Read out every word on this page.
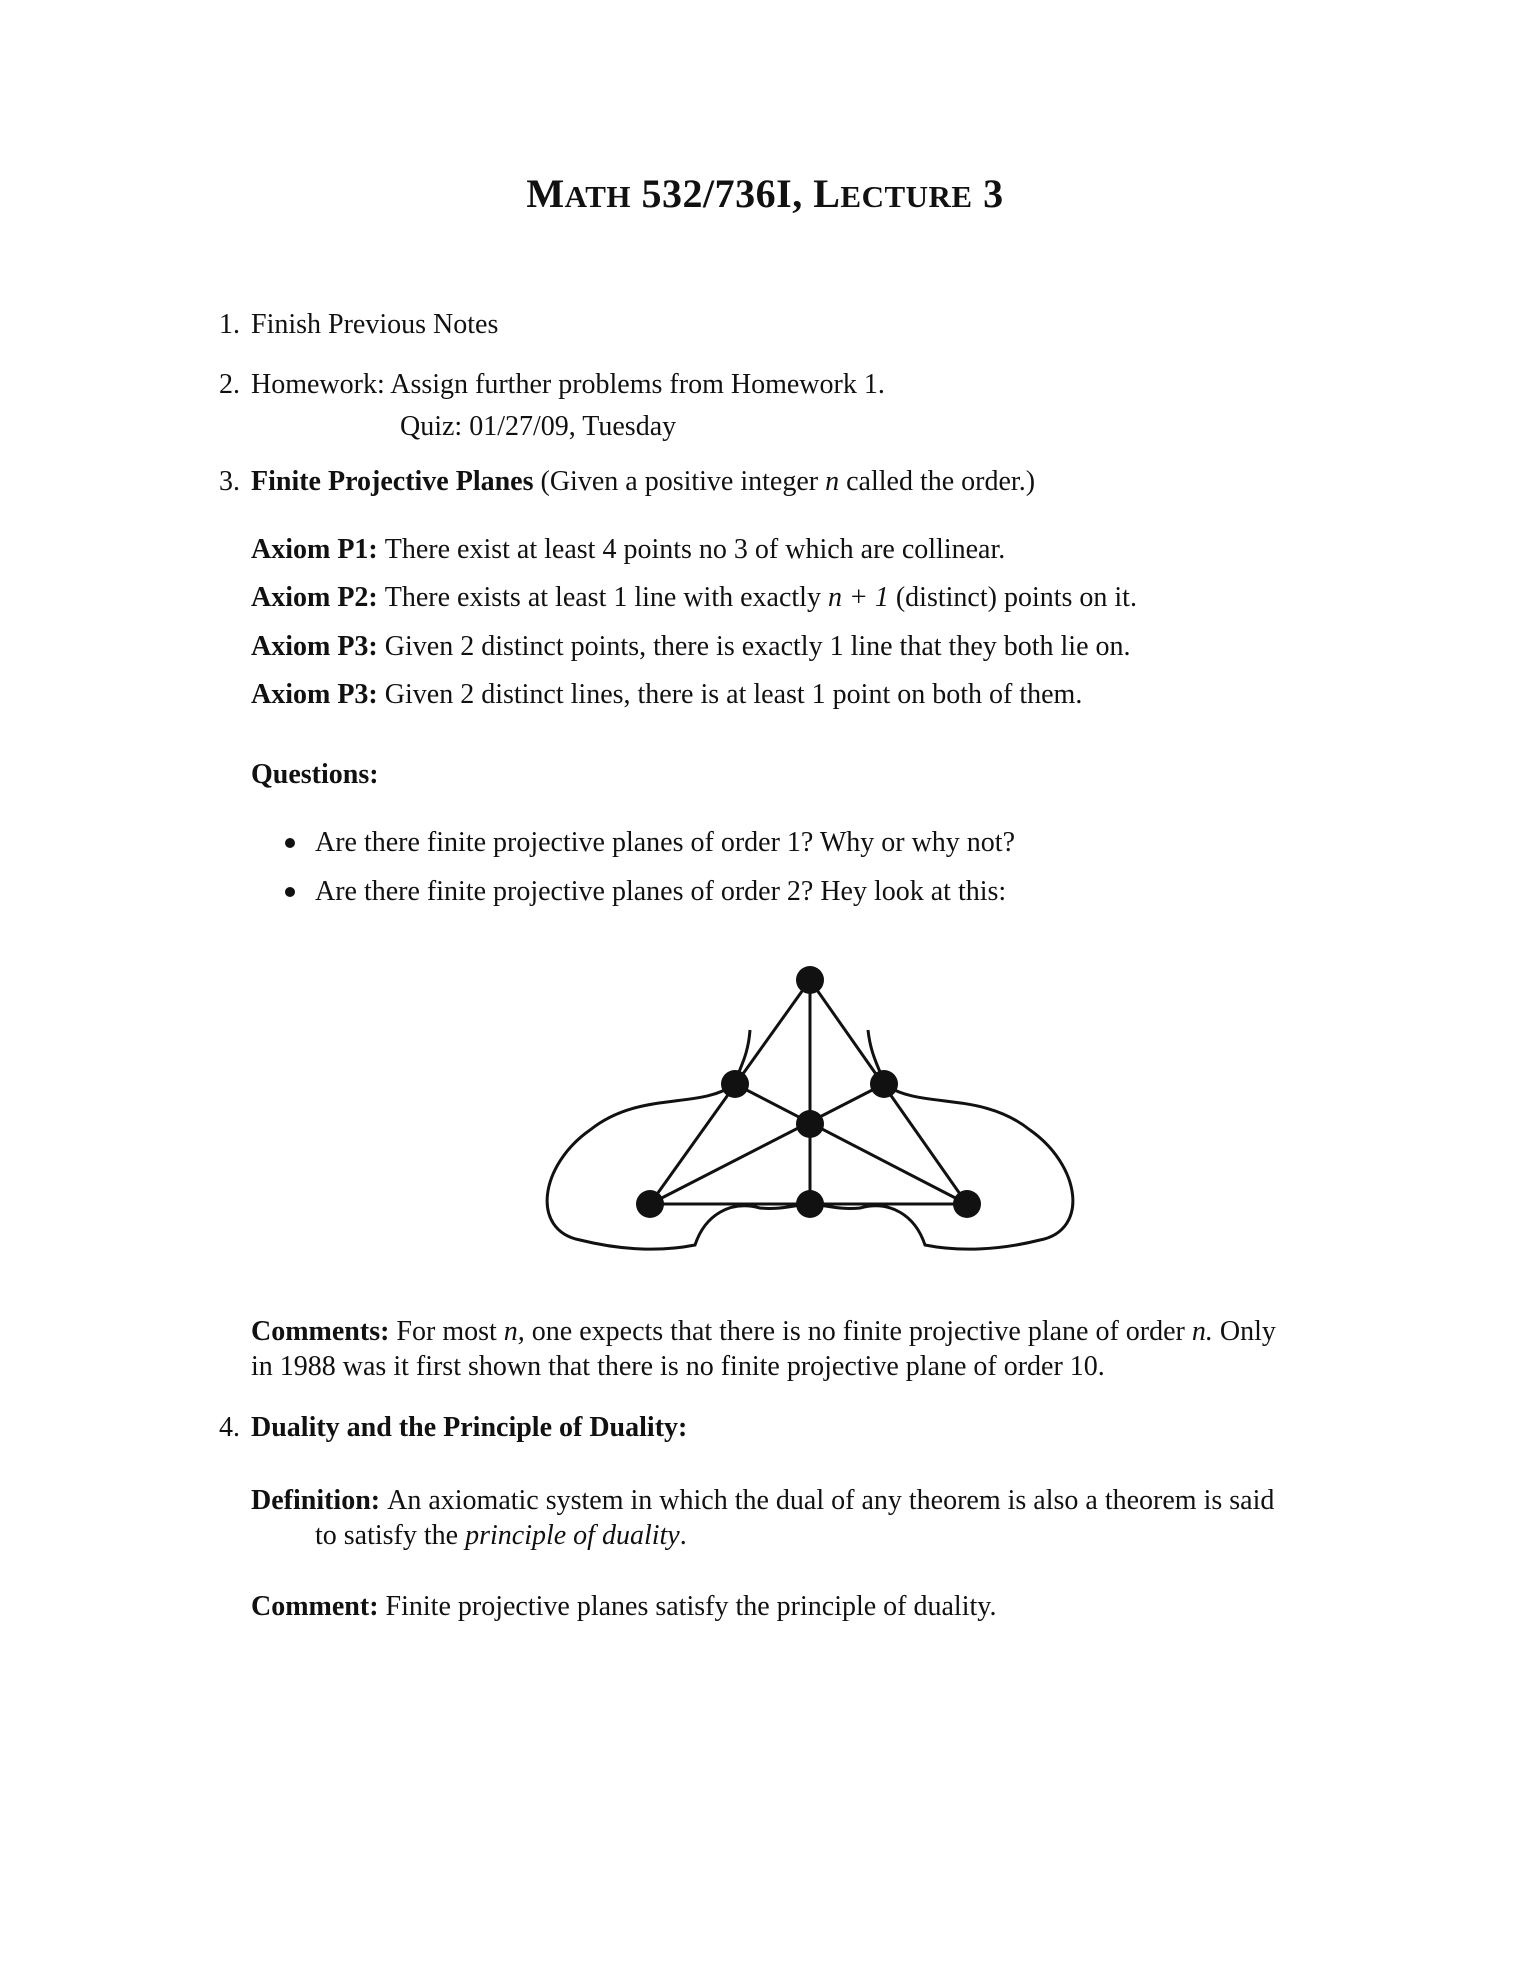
MATH 532/736I, LECTURE 3
1. Finish Previous Notes
2. Homework: Assign further problems from Homework 1.
Quiz: 01/27/09, Tuesday
3. Finite Projective Planes (Given a positive integer n called the order.)
Axiom P1: There exist at least 4 points no 3 of which are collinear.
Axiom P2: There exists at least 1 line with exactly n + 1 (distinct) points on it.
Axiom P3: Given 2 distinct points, there is exactly 1 line that they both lie on.
Axiom P3: Given 2 distinct lines, there is at least 1 point on both of them.
Questions:
Are there finite projective planes of order 1? Why or why not?
Are there finite projective planes of order 2? Hey look at this:
Comments: For most n, one expects that there is no finite projective plane of order n. Only
in 1988 was it first shown that there is no finite projective plane of order 10.
4. Duality and the Principle of Duality:
Definition: An axiomatic system in which the dual of any theorem is also a theorem is said
to satisfy the principle of duality.
Comment: Finite projective planes satisfy the principle of duality.
